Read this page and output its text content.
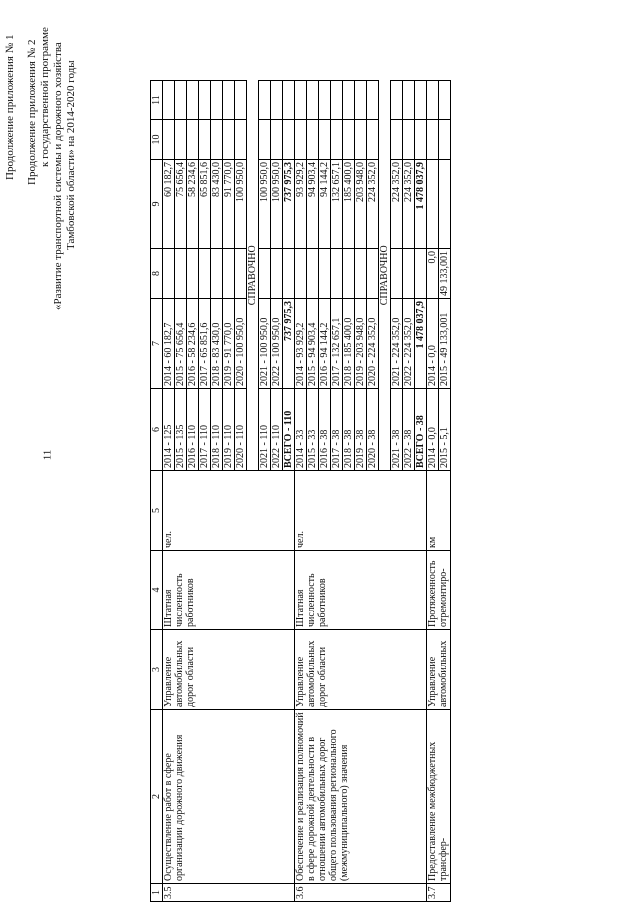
11
Продолжение приложения № 1 Продолжение приложения № 2 к государственной программе «Развитие транспортной системы и дорожного хозяйства Тамбовской области» на 2014-2020 годы
1	2	3	4	5	6	7	8	9	10	11
3.5	Осуществление работ в сфере организации дорожного движения	Управление автомобильных дорог области	Штатная численность работников	чел.	2014 - 125	2014 - 60 182,7		60 182,7		
					2015 - 135	2015 - 75 656,4		75 656,4		
					2016 - 110	2016 - 58 234,6		58 234,6		
					2017 - 110	2017 - 65 851,6		65 851,6		
					2018 - 110	2018 - 83 430,0		83 430,0		
					2019 - 110	2019 - 91 770,0		91 770,0		
					2020 - 110	2020 - 100 950,0		100 950,0		
					СПРАВОЧНО					
					2021 - 110	2021 - 100 950,0		100 950,0		
					2022 - 110	2022 - 100 950,0		100 950,0		
					ВСЕГО - 110	737 975,3		737 975,3		
3.6	Обеспечение и реализация полномочий в сфере дорожной деятельности в отношении автомобильных дорог общего пользования регионального (межмуниципального) значения	Управление автомобильных дорог области	Штатная численность работников	чел.	2014 - 33	2014 - 93 929,2		93 929,2		
					2015 - 33	2015 - 94 903,4		94 903,4		
					2016 - 38	2016 - 94 144,2		94 144,2		
					2017 - 38	2017 - 132 657,1		132 657,1		
					2018 - 38	2018 - 185 400,0		185 400,0		
					2019 - 38	2019 - 203 948,0		203 948,0		
					2020 - 38	2020 - 224 352,0		224 352,0		
					СПРАВОЧНО					
					2021 - 38	2021 - 224 352,0		224 352,0		
					2022 - 38	2022 - 224 352,0		224 352,0		
					ВСЕГО - 38	1 478 037,9		1 478 037,9		
3.7	Предоставление межбюджетных трансфер-	Управление автомобильных	Протяженность отремонтиро-	км	2014 - 0,0	2014 - 0,0	0,0			
					2015 - 5,1	2015 - 49 133,001	49 133,001			
